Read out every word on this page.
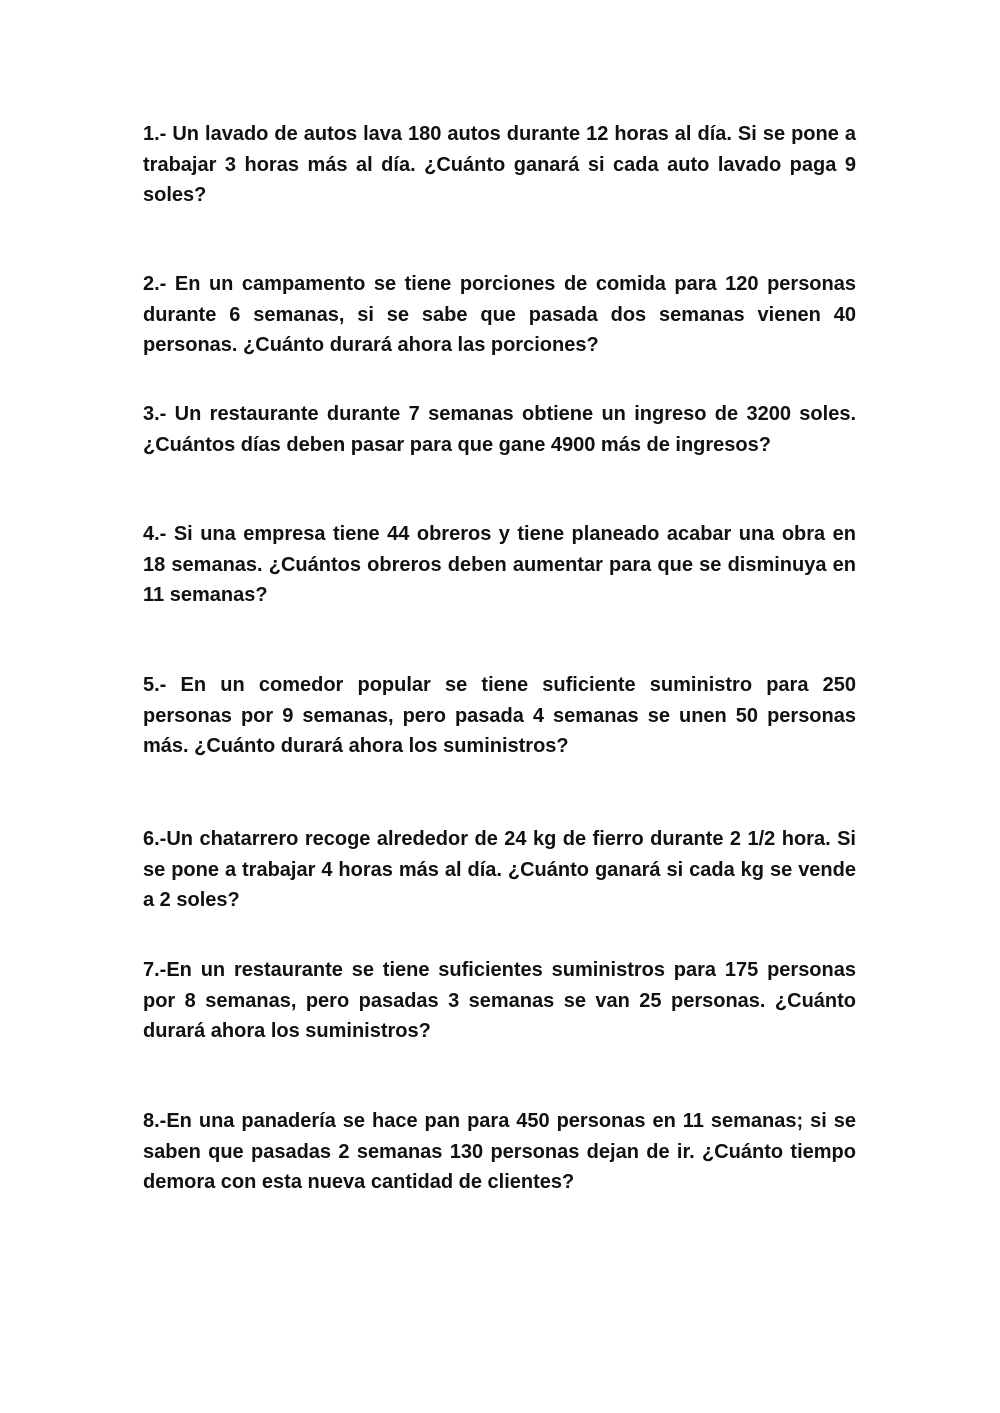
1.- Un lavado de autos lava 180 autos durante 12 horas al día. Si se pone a trabajar 3 horas más al día. ¿Cuánto ganará si cada auto lavado paga 9 soles?

2.- En un campamento se tiene porciones de comida para 120 personas durante 6 semanas, si se sabe que pasada dos semanas vienen 40 personas. ¿Cuánto durará ahora las porciones?

3.- Un restaurante durante 7 semanas obtiene un ingreso de 3200 soles. ¿Cuántos días deben pasar para que gane 4900 más de ingresos?

4.- Si una empresa tiene 44 obreros y tiene planeado acabar una obra en 18 semanas. ¿Cuántos obreros deben aumentar para que se disminuya en 11 semanas?

5.- En un comedor popular se tiene suficiente suministro para 250 personas por 9 semanas, pero pasada 4 semanas se unen 50 personas más. ¿Cuánto durará ahora los suministros?

6.-Un chatarrero recoge alrededor de 24 kg de fierro durante 2 1/2 hora. Si se pone a trabajar 4 horas más al día. ¿Cuánto ganará si cada kg se vende a 2 soles?

7.-En un restaurante se tiene suficientes suministros para 175 personas por 8 semanas, pero pasadas 3 semanas se van 25 personas. ¿Cuánto durará ahora los suministros?

8.-En una panadería se hace pan para 450 personas en 11 semanas; si se saben que pasadas 2 semanas 130 personas dejan de ir. ¿Cuánto tiempo demora con esta nueva cantidad de clientes?
